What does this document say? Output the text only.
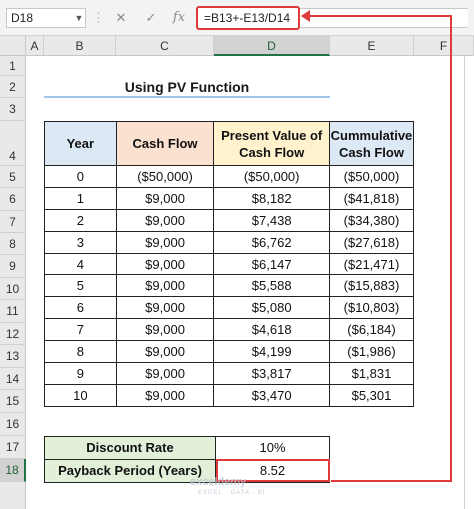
D18	▼ ⋮ ✕ ✓ fx	=B13+-E13/D14
A	B	C	D	E	F
1
2
3
4
5
6
7
8
9
10
11
12
13
14
15
16
17
18
Using PV Function
Year	Cash Flow	Present Value of Cash Flow	Cummulative Cash Flow
0	($50,000)	($50,000)	($50,000)
1	$9,000	$8,182	($41,818)
2	$9,000	$7,438	($34,380)
3	$9,000	$6,762	($27,618)
4	$9,000	$6,147	($21,471)
5	$9,000	$5,588	($15,883)
6	$9,000	$5,080	($10,803)
7	$9,000	$4,618	($6,184)
8	$9,000	$4,199	($1,986)
9	$9,000	$3,817	$1,831
10	$9,000	$3,470	$5,301
Discount Rate	10%
Payback Period (Years)	8.52
exceldemy
EXCEL · DATA · BI
